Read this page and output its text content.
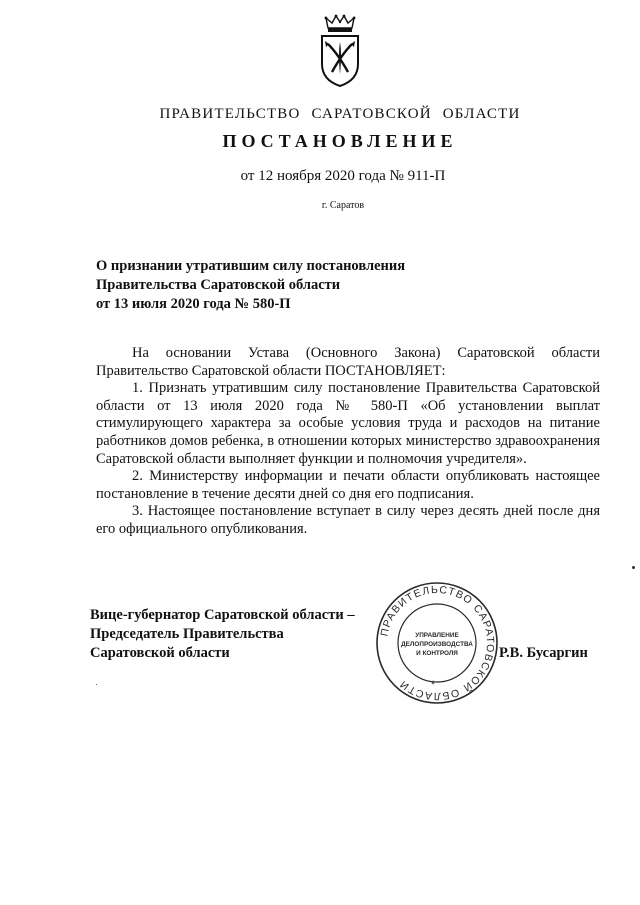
ПРАВИТЕЛЬСТВО САРАТОВСКОЙ ОБЛАСТИ
ПОСТАНОВЛЕНИЕ
от 12 ноября 2020 года № 911-П
г. Саратов
О признании утратившим силу постановления
Правительства Саратовской области
от 13 июля 2020 года № 580-П

На основании Устава (Основного Закона) Саратовской области Правительство Саратовской области ПОСТАНОВЛЯЕТ:

1. Признать утратившим силу постановление Правительства Саратовской области от 13 июля 2020 года № 580-П «Об установлении выплат стимулирующего характера за особые условия труда и расходов на питание работников домов ребенка, в отношении которых министерство здравоохранения Саратовской области выполняет функции и полномочия учредителя».

2. Министерству информации и печати области опубликовать настоящее постановление в течение десяти дней со дня его подписания.

3. Настоящее постановление вступает в силу через десять дней после дня его официального опубликования.

Вице-губернатор Саратовской области –
Председатель Правительства
Саратовской области
ПРАВИТЕЛЬСТВО САРАТОВСКОЙ ОБЛАСТИ	*
УПРАВЛЕНИЕ
ДЕЛОПРОИЗВОДСТВА
И КОНТРОЛЯ	Р.В. Бусаргин
